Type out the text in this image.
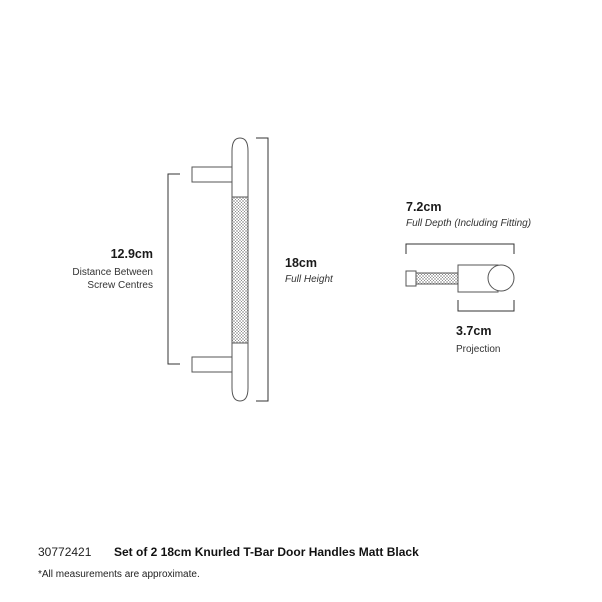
12.9cm
Distance Between
Screw Centres
18cm
Full Height
7.2cm
Full Depth (Including Fitting)
3.7cm
Projection
30772421 Set of 2 18cm Knurled T-Bar Door Handles Matt Black
*All measurements are approximate.
